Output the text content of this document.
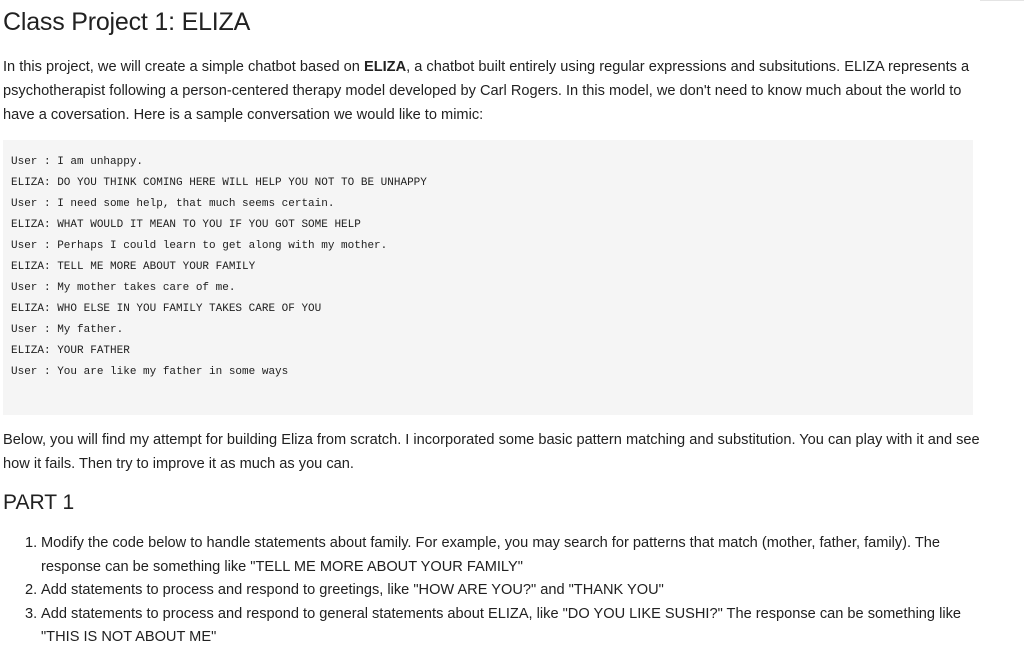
Class Project 1: ELIZA

In this project, we will create a simple chatbot based on ELIZA, a chatbot built entirely using regular expressions and subsitutions. ELIZA represents a psychotherapist following a person-centered therapy model developed by Carl Rogers. In this model, we don't need to know much about the world to have a coversation. Here is a sample conversation we would like to mimic:

User : I am unhappy.
ELIZA: DO YOU THINK COMING HERE WILL HELP YOU NOT TO BE UNHAPPY
User : I need some help, that much seems certain.
ELIZA: WHAT WOULD IT MEAN TO YOU IF YOU GOT SOME HELP
User : Perhaps I could learn to get along with my mother.
ELIZA: TELL ME MORE ABOUT YOUR FAMILY
User : My mother takes care of me.
ELIZA: WHO ELSE IN YOU FAMILY TAKES CARE OF YOU
User : My father.
ELIZA: YOUR FATHER
User : You are like my father in some ways

Below, you will find my attempt for building Eliza from scratch. I incorporated some basic pattern matching and substitution. You can play with it and see how it fails. Then try to improve it as much as you can.

PART 1
1. Modify the code below to handle statements about family. For example, you may search for patterns that match (mother, father, family). The response can be something like "TELL ME MORE ABOUT YOUR FAMILY"
2. Add statements to process and respond to greetings, like "HOW ARE YOU?" and "THANK YOU"
3. Add statements to process and respond to general statements about ELIZA, like "DO YOU LIKE SUSHI?" The response can be something like "THIS IS NOT ABOUT ME"
